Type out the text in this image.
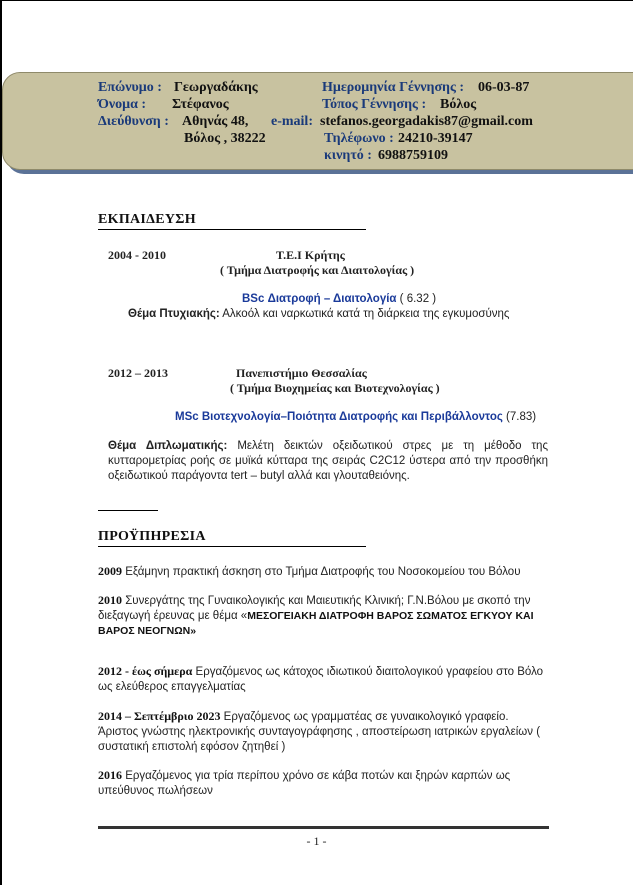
Επώνυμο : Γεωργαδάκης
Όνομα : Στέφανος
Διεύθυνση : Αθηνάς 48,
Βόλος , 38222
e-mail: stefanos.georgadakis87@gmail.com
Ημερομηνία Γέννησης : 06-03-87
Τόπος Γέννησης : Βόλος
Τηλέφωνο : 24210-39147
κινητό : 6988759109
ΕΚΠΑΙΔΕΥΣΗ
2004 - 2010	Τ.Ε.Ι Κρήτης
( Τμήμα Διατροφής και Διαιτολογίας )
BSc Διατροφή – Διαιτολογία ( 6.32 )
Θέμα Πτυχιακής: Αλκοόλ και ναρκωτικά κατά τη διάρκεια της εγκυμοσύνης
2012 – 2013	Πανεπιστήμιο Θεσσαλίας
( Τμήμα Βιοχημείας και Βιοτεχνολογίας )
MSc Βιοτεχνολογία–Ποιότητα Διατροφής και Περιβάλλοντος (7.83)
Θέμα Διπλωματικής: Μελέτη δεικτών οξειδωτικού στρες με τη μέθοδο της κυτταρομετρίας ροής σε μυϊκά κύτταρα της σειράς C2C12 ύστερα από την προσθήκη οξειδωτικού παράγοντα tert – butyl αλλά και γλουταθειόνης.
ΠΡΟΫΠΗΡΕΣΙΑ
2009 Εξάμηνη πρακτική άσκηση στο Τμήμα Διατροφής του Νοσοκομείου του Βόλου
2010 Συνεργάτης της Γυναικολογικής και Μαιευτικής Κλινική; Γ.Ν.Βόλου με σκοπό την διεξαγωγή έρευνας με θέμα «ΜΕΣΟΓΕΙΑΚΗ ΔΙΑΤΡΟΦΗ ΒΑΡΟΣ ΣΩΜΑΤΟΣ ΕΓΚΥΟΥ ΚΑΙ ΒΑΡΟΣ ΝΕΟΓΝΩΝ»
2012 - έως σήμερα Εργαζόμενος ως κάτοχος ιδιωτικού διαιτολογικού γραφείου στο Βόλο ως ελεύθερος επαγγελματίας
2014 – Σεπτέμβριο 2023 Εργαζόμενος ως γραμματέας σε γυναικολογικό γραφείο. Άριστος γνώστης ηλεκτρονικής συνταγογράφησης , αποστείρωση ιατρικών εργαλείων ( συστατική επιστολή εφόσον ζητηθεί )
2016 Εργαζόμενος για τρία περίπου χρόνο σε κάβα ποτών και ξηρών καρπών ως υπεύθυνος πωλήσεων
- 1 -
